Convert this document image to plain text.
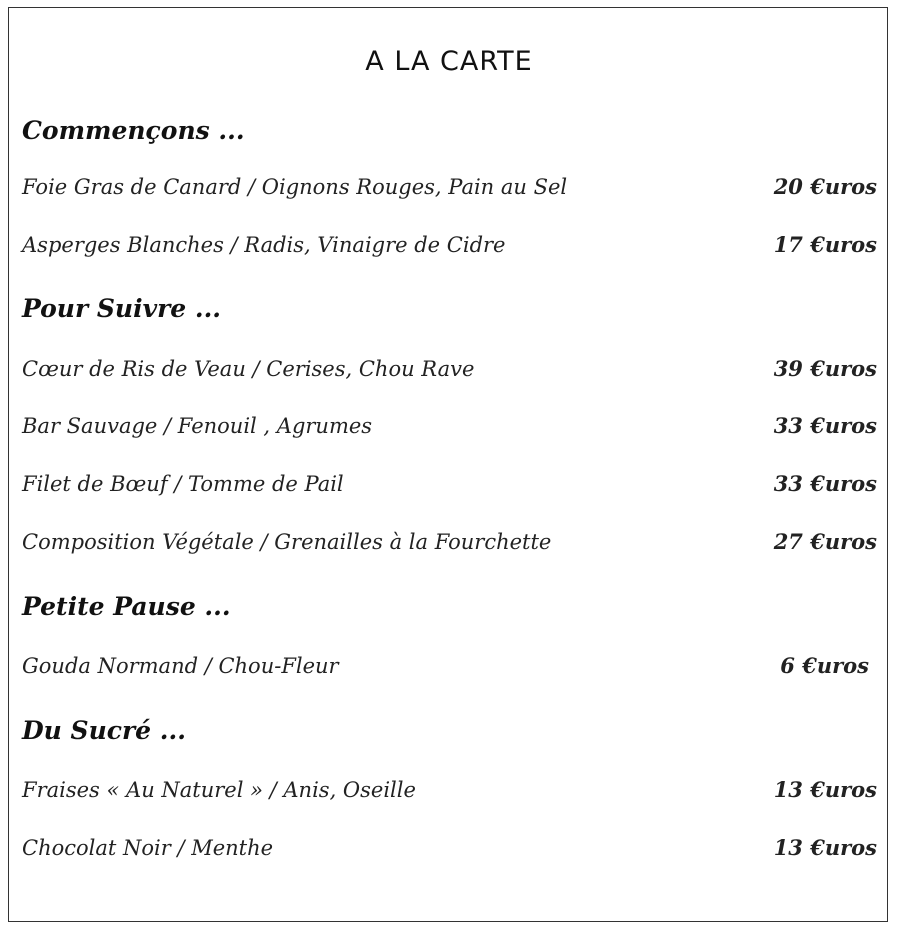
A LA CARTE
Commençons ...
Foie Gras de Canard / Oignons Rouges, Pain au Sel	20 €uros
Asperges Blanches / Radis, Vinaigre de Cidre	17 €uros
Pour Suivre ...
Cœur de Ris de Veau / Cerises, Chou Rave	39 €uros
Bar Sauvage / Fenouil , Agrumes	33 €uros
Filet de Bœuf / Tomme de Pail	33 €uros
Composition Végétale / Grenailles à la Fourchette	27 €uros
Petite Pause ...
Gouda Normand / Chou-Fleur	6 €uros
Du Sucré ...
Fraises « Au Naturel » / Anis, Oseille	13 €uros
Chocolat Noir / Menthe	13 €uros
